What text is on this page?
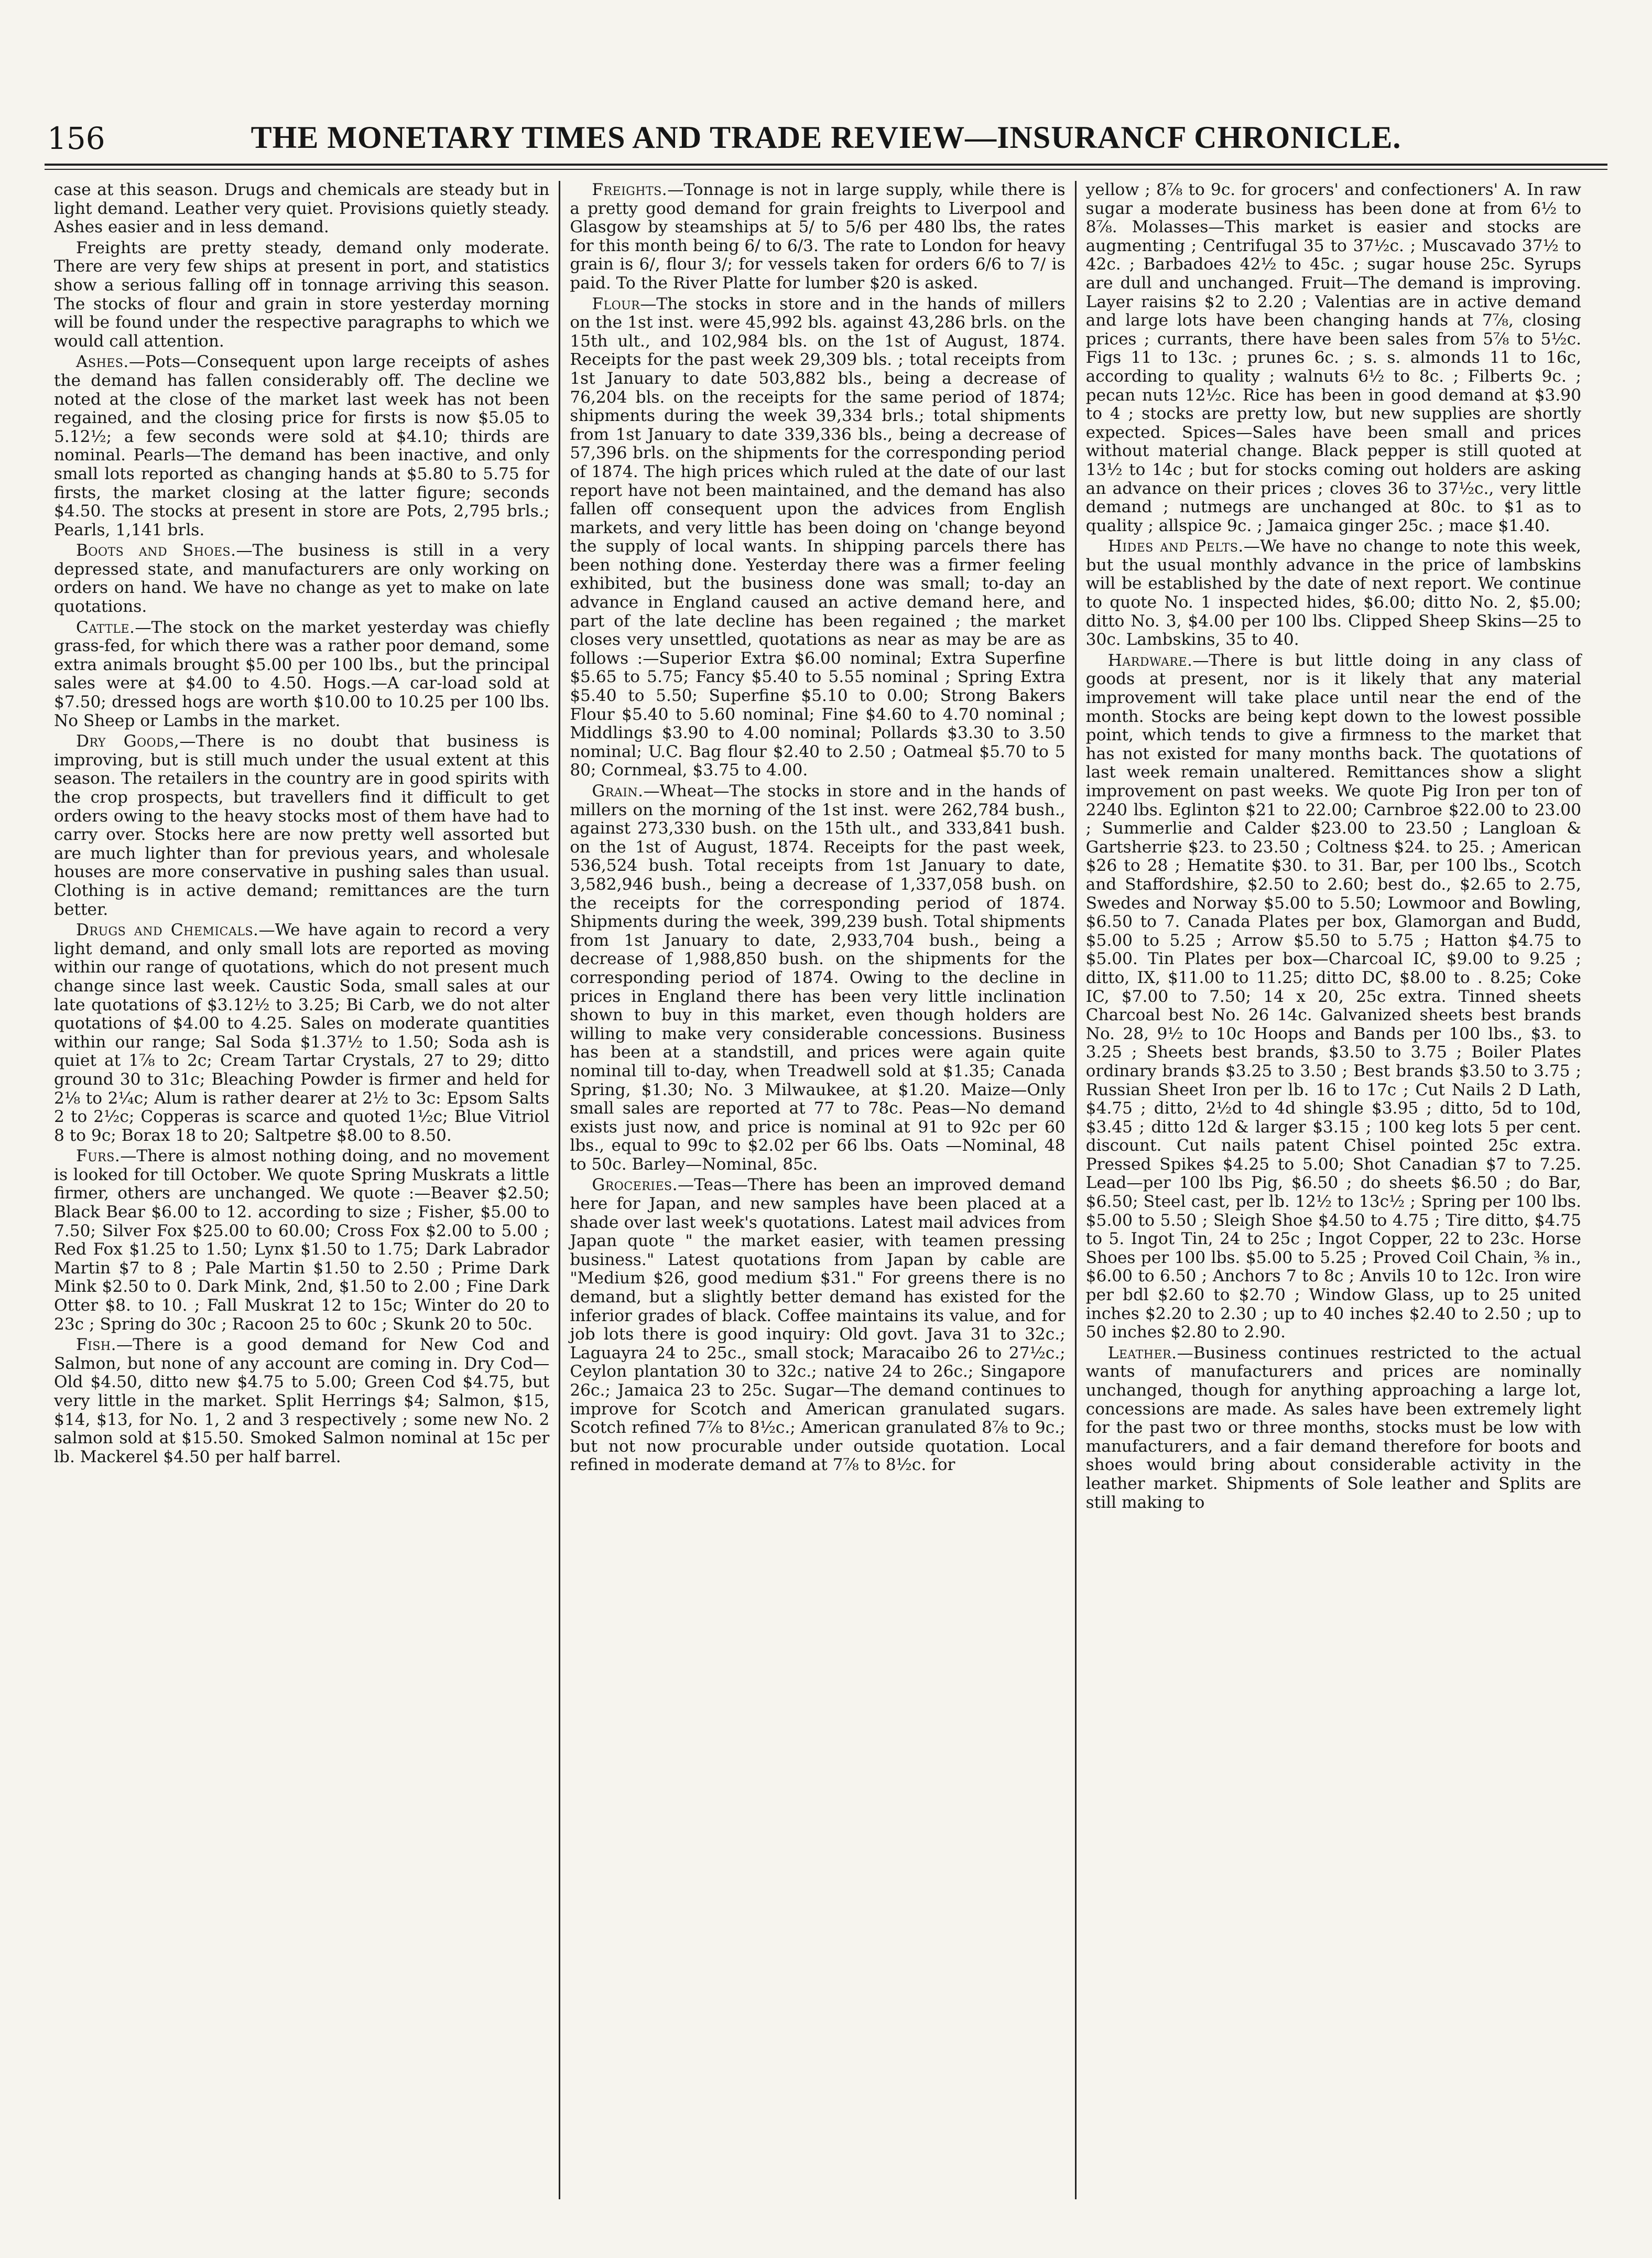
156	THE MONETARY TIMES AND TRADE REVIEW—INSURANCF CHRONICLE.

case at this season. Drugs and chemicals are steady but in light demand. Leather very quiet. Provisions quietly steady. Ashes easier and in less demand.

Freights are pretty steady, demand only moderate. There are very few ships at present in port, and statistics show a serious falling off in tonnage arriving this season. The stocks of flour and grain in store yesterday morning will be found under the respective paragraphs to which we would call attention.

Ashes.—Pots—Consequent upon large receipts of ashes the demand has fallen considerably off. The decline we noted at the close of the market last week has not been regained, and the closing price for firsts is now $5.05 to 5.12½; a few seconds were sold at $4.10; thirds are nominal. Pearls—The demand has been inactive, and only small lots reported as changing hands at $5.80 to 5.75 for firsts, the market closing at the latter figure; seconds $4.50. The stocks at present in store are Pots, 2,795 brls.; Pearls, 1,141 brls.

Boots and Shoes.—The business is still in a very depressed state, and manufacturers are only working on orders on hand. We have no change as yet to make on late quotations.

Cattle.—The stock on the market yesterday was chiefly grass-fed, for which there was a rather poor demand, some extra animals brought $5.00 per 100 lbs., but the principal sales were at $4.00 to 4.50. Hogs.—A car-load sold at $7.50; dressed hogs are worth $10.00 to 10.25 per 100 lbs. No Sheep or Lambs in the market.

Dry Goods,—There is no doubt that business is improving, but is still much under the usual extent at this season. The retailers in the country are in good spirits with the crop prospects, but travellers find it difficult to get orders owing to the heavy stocks most of them have had to carry over. Stocks here are now pretty well assorted but are much lighter than for previous years, and wholesale houses are more conservative in pushing sales than usual. Clothing is in active demand; remittances are the turn better.

Drugs and Chemicals.—We have again to record a very light demand, and only small lots are reported as moving within our range of quotations, which do not present much change since last week. Caustic Soda, small sales at our late quotations of $3.12½ to 3.25; Bi Carb, we do not alter quotations of $4.00 to 4.25. Sales on moderate quantities within our range; Sal Soda $1.37½ to 1.50; Soda ash is quiet at 1⅞ to 2c; Cream Tartar Crystals, 27 to 29; ditto ground 30 to 31c; Bleaching Powder is firmer and held for 2⅛ to 2¼c; Alum is rather dearer at 2½ to 3c: Epsom Salts 2 to 2½c; Copperas is scarce and quoted 1½c; Blue Vitriol 8 to 9c; Borax 18 to 20; Saltpetre $8.00 to 8.50.

Furs.—There is almost nothing doing, and no movement is looked for till October. We quote Spring Muskrats a little firmer, others are unchanged. We quote :—Beaver $2.50; Black Bear $6.00 to 12. according to size ; Fisher, $5.00 to 7.50; Silver Fox $25.00 to 60.00; Cross Fox $2.00 to 5.00 ; Red Fox $1.25 to 1.50; Lynx $1.50 to 1.75; Dark Labrador Martin $7 to 8 ; Pale Martin $1.50 to 2.50 ; Prime Dark Mink $2.50 to 0. Dark Mink, 2nd, $1.50 to 2.00 ; Fine Dark Otter $8. to 10. ; Fall Muskrat 12 to 15c; Winter do 20 to 23c ; Spring do 30c ; Racoon 25 to 60c ; Skunk 20 to 50c.

Fish.—There is a good demand for New Cod and Salmon, but none of any account are coming in. Dry Cod—Old $4.50, ditto new $4.75 to 5.00; Green Cod $4.75, but very little in the market. Split Herrings $4; Salmon, $15, $14, $13, for No. 1, 2 and 3 respectively ; some new No. 2 salmon sold at $15.50. Smoked Salmon nominal at 15c per lb. Mackerel $4.50 per half barrel.

Freights.—Tonnage is not in large supply, while there is a pretty good demand for grain freights to Liverpool and Glasgow by steamships at 5/ to 5/6 per 480 lbs, the rates for this month being 6/ to 6/3. The rate to London for heavy grain is 6/, flour 3/; for vessels taken for orders 6/6 to 7/ is paid. To the River Platte for lumber $20 is asked.

Flour—The stocks in store and in the hands of millers on the 1st inst. were 45,992 bls. against 43,286 brls. on the 15th ult., and 102,984 bls. on the 1st of August, 1874. Receipts for the past week 29,309 bls. ; total receipts from 1st January to date 503,882 bls., being a decrease of 76,204 bls. on the receipts for the same period of 1874; shipments during the week 39,334 brls.; total shipments from 1st January to date 339,336 bls., being a decrease of 57,396 brls. on the shipments for the corresponding period of 1874. The high prices which ruled at the date of our last report have not been maintained, and the demand has also fallen off consequent upon the advices from English markets, and very little has been doing on 'change beyond the supply of local wants. In shipping parcels there has been nothing done. Yesterday there was a firmer feeling exhibited, but the business done was small; to-day an advance in England caused an active demand here, and part of the late decline has been regained ; the market closes very unsettled, quotations as near as may be are as follows :—Superior Extra $6.00 nominal; Extra Superfine $5.65 to 5.75; Fancy $5.40 to 5.55 nominal ; Spring Extra $5.40 to 5.50; Superfine $5.10 to 0.00; Strong Bakers Flour $5.40 to 5.60 nominal; Fine $4.60 to 4.70 nominal ; Middlings $3.90 to 4.00 nominal; Pollards $3.30 to 3.50 nominal; U.C. Bag flour $2.40 to 2.50 ; Oatmeal $5.70 to 5 80; Cornmeal, $3.75 to 4.00.

Grain.—Wheat—The stocks in store and in the hands of millers on the morning of the 1st inst. were 262,784 bush., against 273,330 bush. on the 15th ult., and 333,841 bush. on the 1st of August, 1874. Receipts for the past week, 536,524 bush. Total receipts from 1st January to date, 3,582,946 bush., being a decrease of 1,337,058 bush. on the receipts for the corresponding period of 1874. Shipments during the week, 399,239 bush. Total shipments from 1st January to date, 2,933,704 bush., being a decrease of 1,988,850 bush. on the shipments for the corresponding period of 1874. Owing to the decline in prices in England there has been very little inclination shown to buy in this market, even though holders are willing to make very considerable concessions. Business has been at a standstill, and prices were again quite nominal till to-day, when Treadwell sold at $1.35; Canada Spring, $1.30; No. 3 Milwaukee, at $1.20. Maize—Only small sales are reported at 77 to 78c. Peas—No demand exists just now, and price is nominal at 91 to 92c per 60 lbs., equal to 99c to $2.02 per 66 lbs. Oats —Nominal, 48 to 50c. Barley—Nominal, 85c.

Groceries.—Teas—There has been an improved demand here for Japan, and new samples have been placed at a shade over last week's quotations. Latest mail advices from Japan quote " the market easier, with teamen pressing business." Latest quotations from Japan by cable are "Medium $26, good medium $31." For greens there is no demand, but a slightly better demand has existed for the inferior grades of black. Coffee maintains its value, and for job lots there is good inquiry: Old govt. Java 31 to 32c.; Laguayra 24 to 25c., small stock; Maracaibo 26 to 27½c.; Ceylon plantation 30 to 32c.; native 24 to 26c.; Singapore 26c.; Jamaica 23 to 25c. Sugar—The demand continues to improve for Scotch and American granulated sugars. Scotch refined 7⅞ to 8½c.; American granulated 8⅞ to 9c.; but not now procurable under outside quotation. Local refined in moderate demand at 7⅞ to 8½c. for

yellow ; 8⅞ to 9c. for grocers' and confectioners' A. In raw sugar a moderate business has been done at from 6½ to 8⅞. Molasses—This market is easier and stocks are augmenting ; Centrifugal 35 to 37½c. ; Muscavado 37½ to 42c. ; Barbadoes 42½ to 45c. ; sugar house 25c. Syrups are dull and unchanged. Fruit—The demand is improving. Layer raisins $2 to 2.20 ; Valentias are in active demand and large lots have been changing hands at 7⅞, closing prices ; currants, there have been sales from 5⅞ to 5½c. Figs 11 to 13c. ; prunes 6c. ; s. s. almonds 11 to 16c, according to quality ; walnuts 6½ to 8c. ; Filberts 9c. ; pecan nuts 12½c. Rice has been in good demand at $3.90 to 4 ; stocks are pretty low, but new supplies are shortly expected. Spices—Sales have been small and prices without material change. Black pepper is still quoted at 13½ to 14c ; but for stocks coming out holders are asking an advance on their prices ; cloves 36 to 37½c., very little demand ; nutmegs are unchanged at 80c. to $1 as to quality ; allspice 9c. ; Jamaica ginger 25c. ; mace $1.40.

Hides and Pelts.—We have no change to note this week, but the usual monthly advance in the price of lambskins will be established by the date of next report. We continue to quote No. 1 inspected hides, $6.00; ditto No. 2, $5.00; ditto No. 3, $4.00 per 100 lbs. Clipped Sheep Skins—25 to 30c. Lambskins, 35 to 40.

Hardware.—There is but little doing in any class of goods at present, nor is it likely that any material improvement will take place until near the end of the month. Stocks are being kept down to the lowest possible point, which tends to give a firmness to the market that has not existed for many months back. The quotations of last week remain unaltered. Remittances show a slight improvement on past weeks. We quote Pig Iron per ton of 2240 lbs. Eglinton $21 to 22.00; Carnbroe $22.00 to 23.00 ; Summerlie and Calder $23.00 to 23.50 ; Langloan & Gartsherrie $23. to 23.50 ; Coltness $24. to 25. ; American $26 to 28 ; Hematite $30. to 31. Bar, per 100 lbs., Scotch and Staffordshire, $2.50 to 2.60; best do., $2.65 to 2.75, Swedes and Norway $5.00 to 5.50; Lowmoor and Bowling, $6.50 to 7. Canada Plates per box, Glamorgan and Budd, $5.00 to 5.25 ; Arrow $5.50 to 5.75 ; Hatton $4.75 to $5.00. Tin Plates per box—Charcoal IC, $9.00 to 9.25 ; ditto, IX, $11.00 to 11.25; ditto DC, $8.00 to . 8.25; Coke IC, $7.00 to 7.50; 14 x 20, 25c extra. Tinned sheets Charcoal best No. 26 14c. Galvanized sheets best brands No. 28, 9½ to 10c Hoops and Bands per 100 lbs., $3. to 3.25 ; Sheets best brands, $3.50 to 3.75 ; Boiler Plates ordinary brands $3.25 to 3.50 ; Best brands $3.50 to 3.75 ; Russian Sheet Iron per lb. 16 to 17c ; Cut Nails 2 D Lath, $4.75 ; ditto, 2½d to 4d shingle $3.95 ; ditto, 5d to 10d, $3.45 ; ditto 12d & larger $3.15 ; 100 keg lots 5 per cent. discount. Cut nails patent Chisel pointed 25c extra. Pressed Spikes $4.25 to 5.00; Shot Canadian $7 to 7.25. Lead—per 100 lbs Pig, $6.50 ; do sheets $6.50 ; do Bar, $6.50; Steel cast, per lb. 12½ to 13c½ ; Spring per 100 lbs. $5.00 to 5.50 ; Sleigh Shoe $4.50 to 4.75 ; Tire ditto, $4.75 to 5. Ingot Tin, 24 to 25c ; Ingot Copper, 22 to 23c. Horse Shoes per 100 lbs. $5.00 to 5.25 ; Proved Coil Chain, ⅜ in., $6.00 to 6.50 ; Anchors 7 to 8c ; Anvils 10 to 12c. Iron wire per bdl $2.60 to $2.70 ; Window Glass, up to 25 united inches $2.20 to 2.30 ; up to 40 inches $2.40 to 2.50 ; up to 50 inches $2.80 to 2.90.

Leather.—Business continues restricted to the actual wants of manufacturers and prices are nominally unchanged, though for anything approaching a large lot, concessions are made. As sales have been extremely light for the past two or three months, stocks must be low with manufacturers, and a fair demand therefore for boots and shoes would bring about considerable activity in the leather market. Shipments of Sole leather and Splits are still making to
